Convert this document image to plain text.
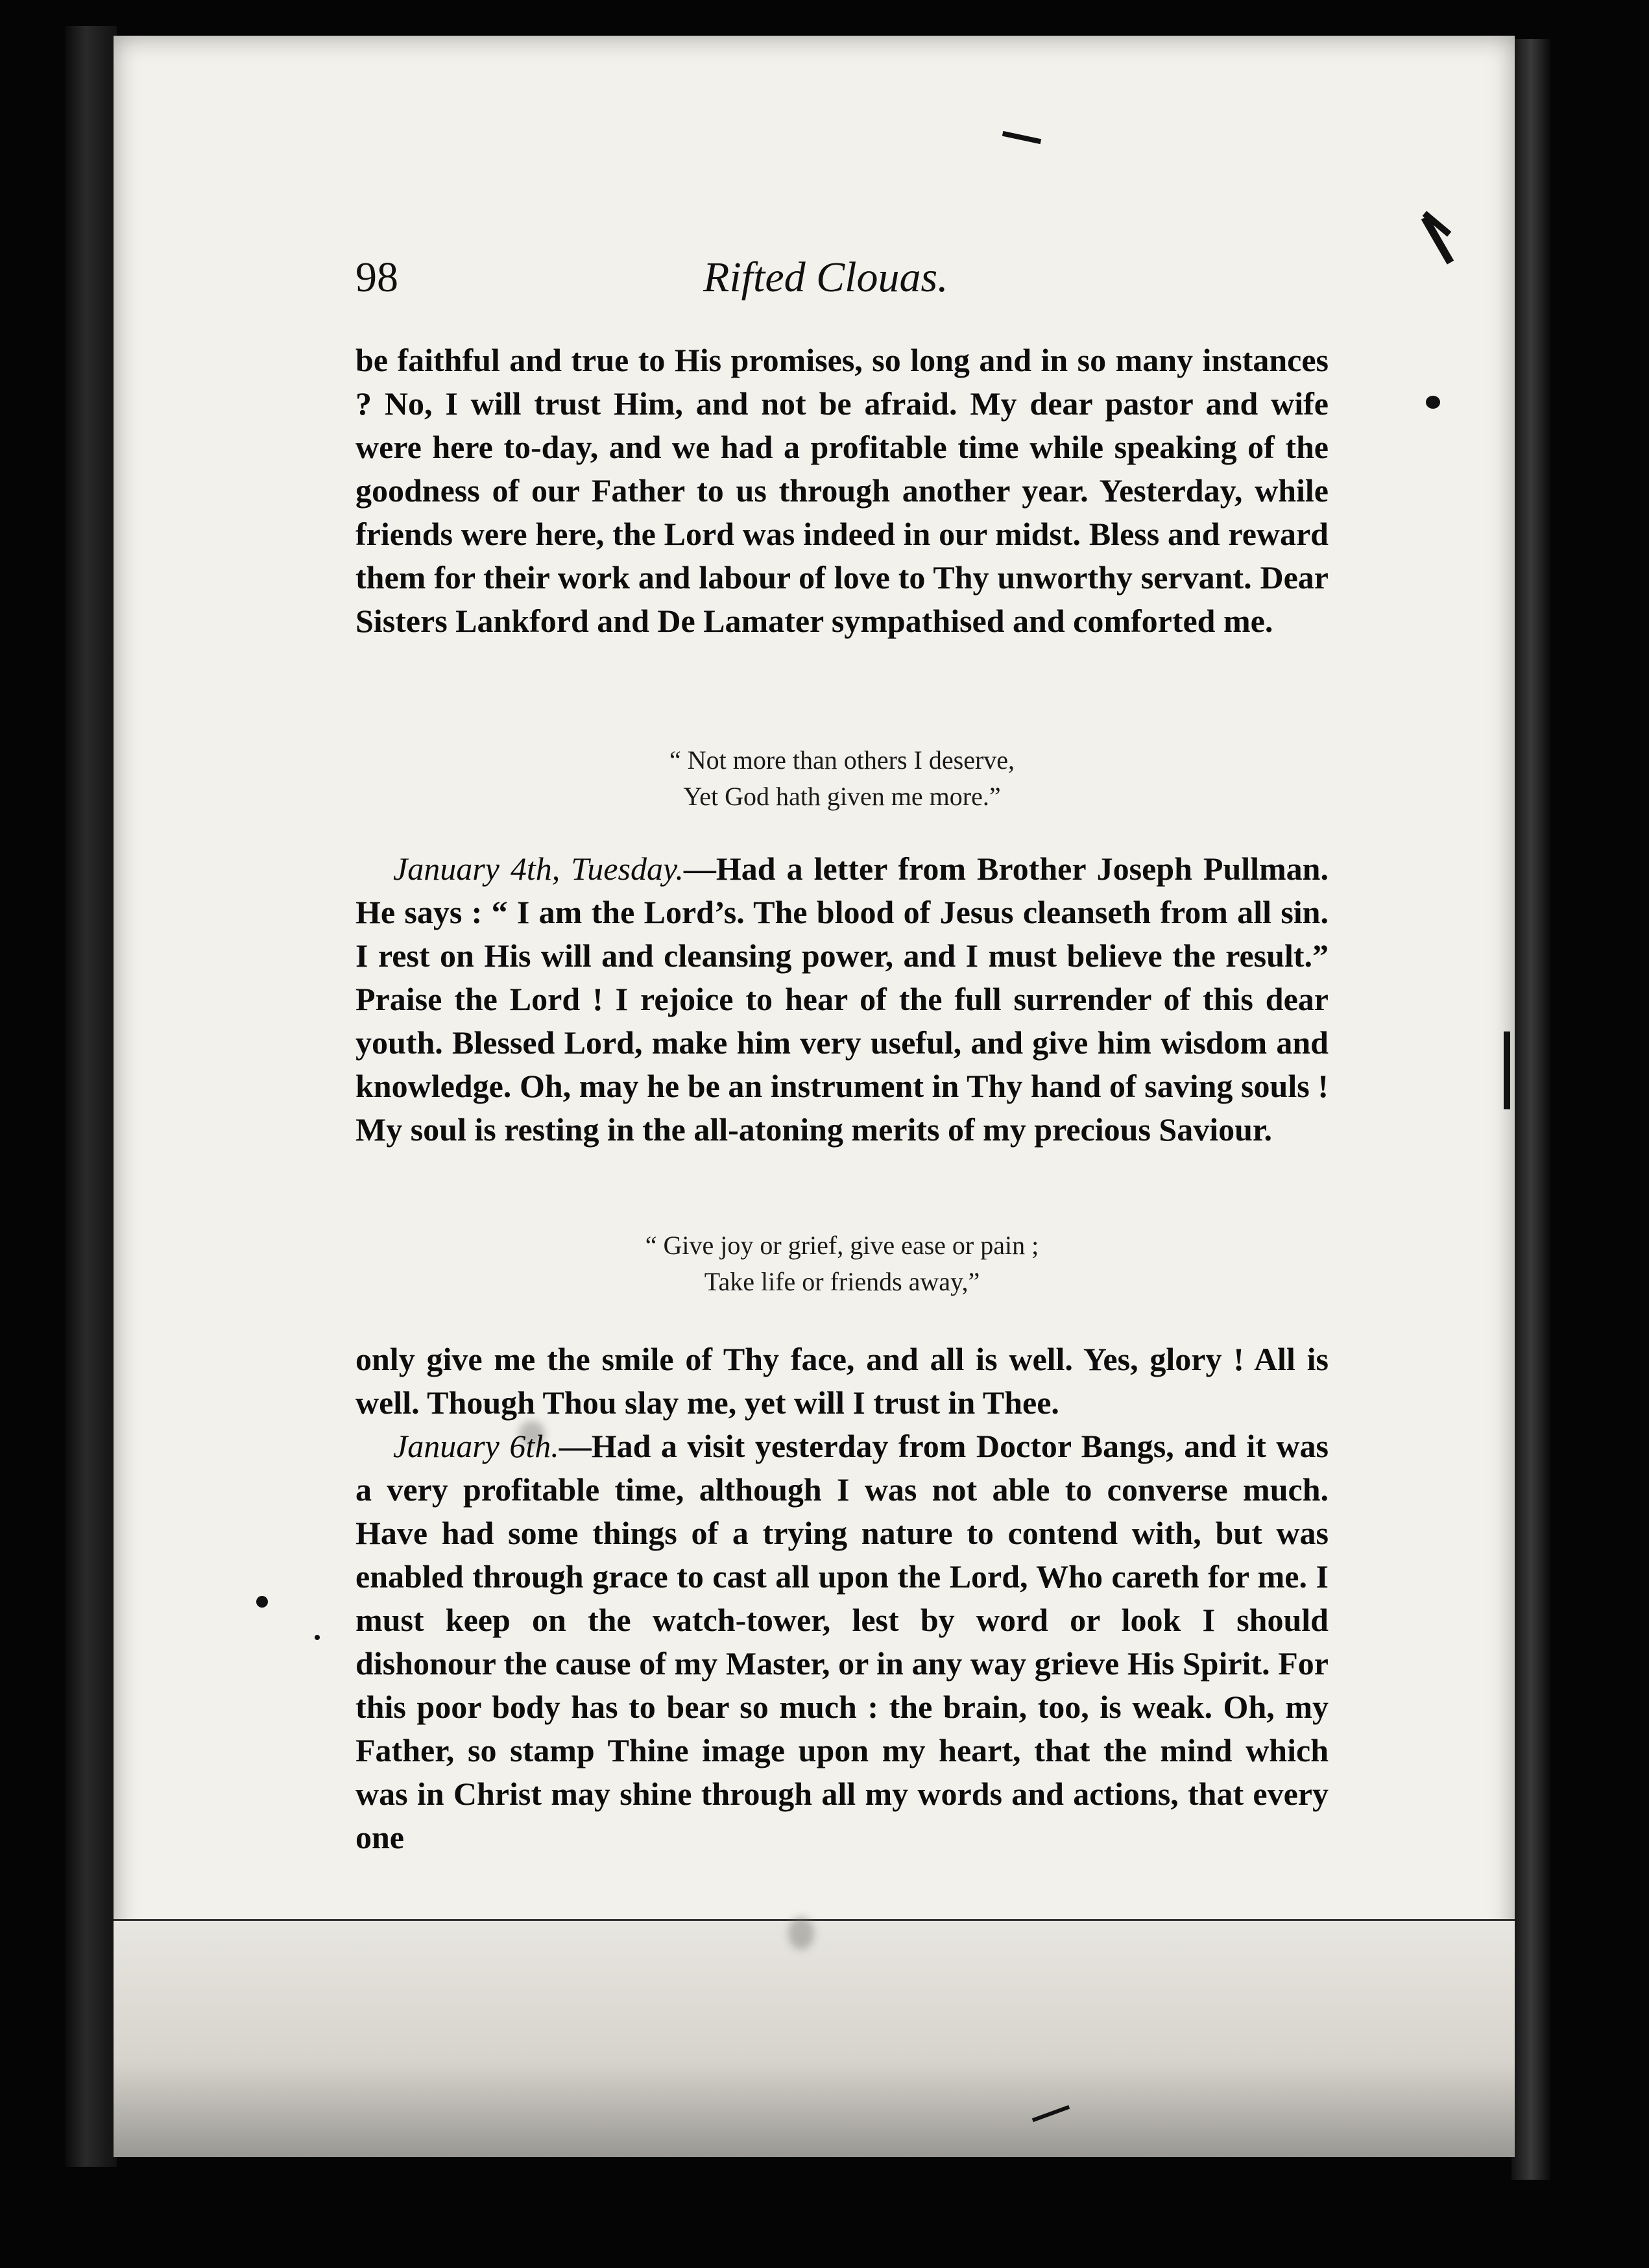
98	Rifted Clouas.

be faithful and true to His promises, so long and in so many instances ? No, I will trust Him, and not be afraid. My dear pastor and wife were here to-day, and we had a profitable time while speaking of the goodness of our Father to us through another year. Yesterday, while friends were here, the Lord was indeed in our midst. Bless and reward them for their work and labour of love to Thy unworthy servant. Dear Sisters Lankford and De Lamater sympathised and comforted me.

“ Not more than others I deserve,
Yet God hath given me more.”

January 4th, Tuesday.—Had a letter from Brother Joseph Pullman. He says : “ I am the Lord’s. The blood of Jesus cleanseth from all sin. I rest on His will and cleansing power, and I must believe the result.” Praise the Lord ! I rejoice to hear of the full surrender of this dear youth. Blessed Lord, make him very useful, and give him wisdom and knowledge. Oh, may he be an instrument in Thy hand of saving souls ! My soul is resting in the all-atoning merits of my precious Saviour.

“ Give joy or grief, give ease or pain ;
Take life or friends away,”

only give me the smile of Thy face, and all is well. Yes, glory ! All is well. Though Thou slay me, yet will I trust in Thee.

January 6th.—Had a visit yesterday from Doctor Bangs, and it was a very profitable time, although I was not able to converse much. Have had some things of a trying nature to contend with, but was enabled through grace to cast all upon the Lord, Who careth for me. I must keep on the watch-tower, lest by word or look I should dishonour the cause of my Master, or in any way grieve His Spirit. For this poor body has to bear so much : the brain, too, is weak. Oh, my Father, so stamp Thine image upon my heart, that the mind which was in Christ may shine through all my words and actions, that every one
